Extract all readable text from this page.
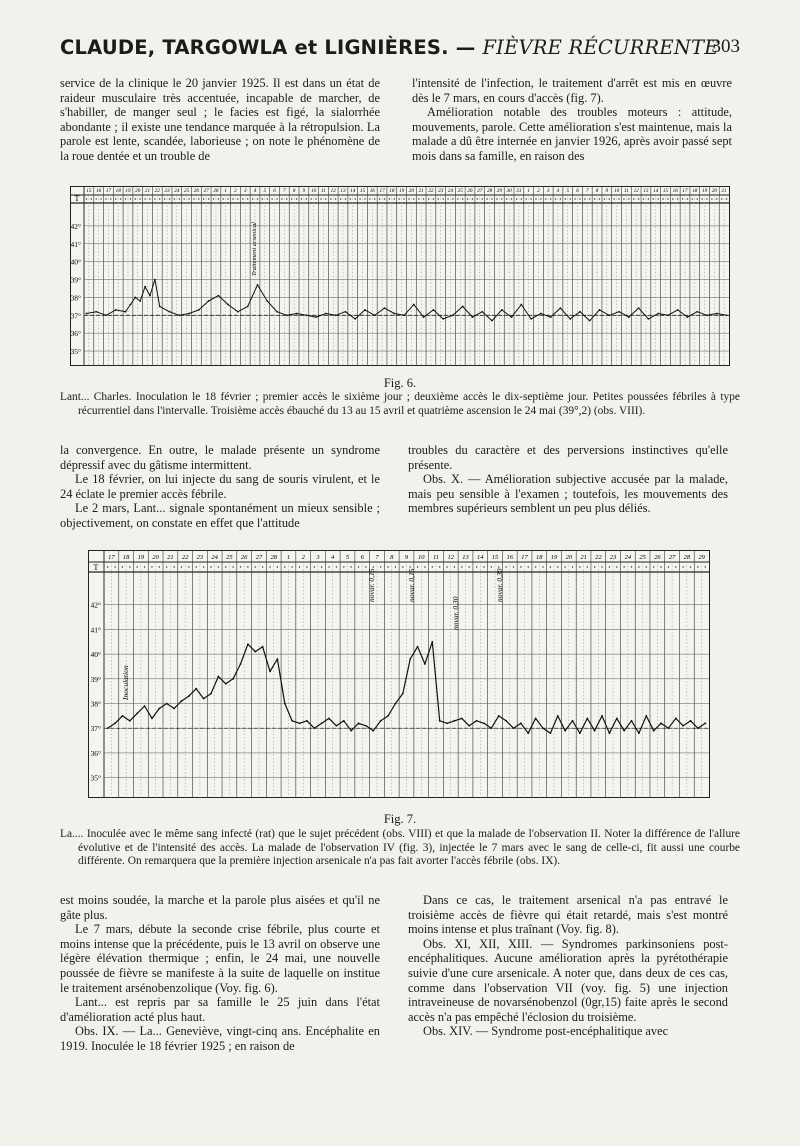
CLAUDE, TARGOWLA et LIGNIÈRES. — FIÈVRE RÉCURRENTE
303

service de la clinique le 20 janvier 1925. Il est dans un état de raideur musculaire très accentuée, incapable de marcher, de s'habiller, de manger seul ; le facies est figé, la sialorrhée abondante ; il existe une tendance marquée à la rétropulsion. La parole est lente, scandée, laborieuse ; on note le phénomène de la roue dentée et un trouble de

l'intensité de l'infection, le traitement d'arrêt est mis en œuvre dès le 7 mars, en cours d'accès (fig. 7).

Amélioration notable des troubles moteurs : attitude, mouvements, parole. Cette amélioration s'est maintenue, mais la malade a dû être internée en janvier 1926, après avoir passé sept mois dans sa famille, en raison des

T
15 16 17 18 19 20 21 22 23 24 25 26 27 28 1 2 3 4 5 6 7 8 9 10 11 12 13 14 15 16 17 18 19 20 21 22 23 24 25 26 27 28 29 30 31 1 2 3 4 5 6 7 8 9 10 11 12 13 14 15 16 17 18 19 20 21
42°
41°
40°
39°
38°
37°
36°
35°
Traitement arsenical
Fig. 6.
Lant... Charles. Inoculation le 18 février ; premier accès le sixième jour ; deuxième accès le dix-septième jour. Petites poussées fébriles à type récurrentiel dans l'intervalle. Troisième accès ébauché du 13 au 15 avril et quatrième ascension le 24 mai (39°,2) (obs. VIII).

la convergence. En outre, le malade présente un syndrome dépressif avec du gâtisme intermittent.

Le 18 février, on lui injecte du sang de souris virulent, et le 24 éclate le premier accès fébrile.

Le 2 mars, Lant... signale spontanément un mieux sensible ; objectivement, on constate en effet que l'attitude

troubles du caractère et des perversions instinctives qu'elle présente.

Obs. X. — Amélioration subjective accusée par la malade, mais peu sensible à l'examen ; toutefois, les mouvements des membres supérieurs semblent un peu plus déliés.

T
17 18 19 20 21 22 23 24 25 26 27 28 1 2 3 4 5 6 7 8 9 10 11 12 13 14 15 16 17 18 19 20 21 22 23 24 25 26 27 28 29
42°
41°
40°
39°
38°
37°
36°
35°
Inoculation
novar. 0,15	novar. 0,15
novar. 0,30
novar. 0,30
Fig. 7.
La.... Inoculée avec le même sang infecté (rat) que le sujet précédent (obs. VIII) et que la malade de l'observation II. Noter la différence de l'allure évolutive et de l'intensité des accès. La malade de l'observation IV (fig. 3), injectée le 7 mars avec le sang de celle-ci, fit aussi une courbe différente. On remarquera que la première injection arsenicale n'a pas fait avorter l'accès fébrile (obs. IX).

est moins soudée, la marche et la parole plus aisées et qu'il ne gâte plus.

Le 7 mars, débute la seconde crise fébrile, plus courte et moins intense que la précédente, puis le 13 avril on observe une légère élévation thermique ; enfin, le 24 mai, une nouvelle poussée de fièvre se manifeste à la suite de laquelle on institue le traitement arsénobenzolique (Voy. fig. 6).

Lant... est repris par sa famille le 25 juin dans l'état d'amélioration acté plus haut.

Obs. IX. — La... Geneviève, vingt-cinq ans. Encéphalite en 1919. Inoculée le 18 février 1925 ; en raison de

Dans ce cas, le traitement arsenical n'a pas entravé le troisième accès de fièvre qui était retardé, mais s'est montré moins intense et plus traînant (Voy. fig. 8).

Obs. XI, XII, XIII. — Syndromes parkinsoniens post-encéphalitiques. Aucune amélioration après la pyrétothérapie suivie d'une cure arsenicale. A noter que, dans deux de ces cas, comme dans l'observation VII (voy. fig. 5) une injection intraveineuse de novarsénobenzol (0gr,15) faite après le second accès n'a pas empêché l'éclosion du troisième.

Obs. XIV. — Syndrome post-encéphalitique avec
